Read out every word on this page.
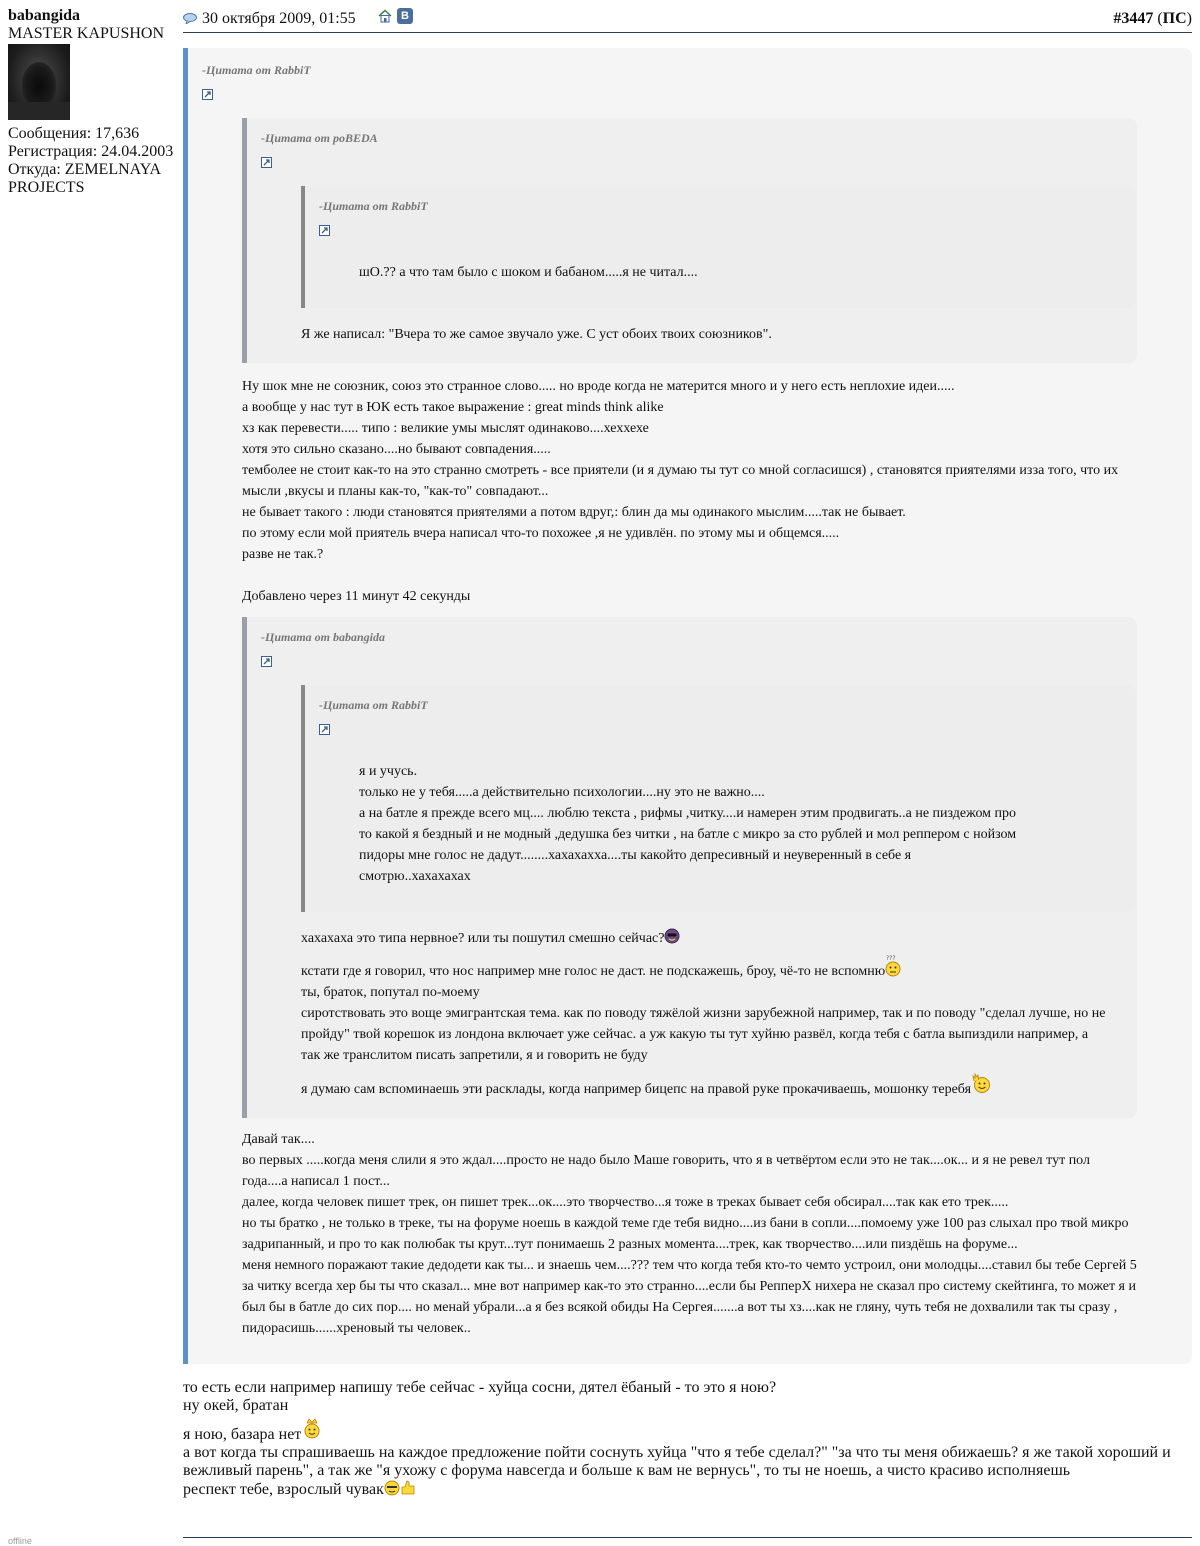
babangida
MASTER KAPUSHON
Сообщения: 17,636
Регистрация: 24.04.2003
Откуда: ZEMELNAYA PROJECTS
offline
30 октября 2009, 01:55	В	#3447 (ПС)
-Цитата от RabbiT
-Цитата от poBEDA
-Цитата от RabbiT
шО.?? а что там было с шоком и бабаном.....я не читал....
Я же написал: "Вчера то же самое звучало уже. С уст обоих твоих союзников".

Ну шок мне не союзник, союз это странное слово..... но вроде когда не матерится много и у него есть неплохие идеи.....

а вообще у нас тут в ЮК есть такое выражение : great minds think alike

хз как перевести..... типо : великие умы мыслят одинаково....хеххехе

хотя это сильно сказано....но бывают совпадения.....

темболее не стоит как-то на это странно смотреть - все приятели (и я думаю ты тут со мной согласишся) , становятся приятелями изза того, что их мысли ,вкусы и планы как-то, "как-то" совпадают...

не бывает такого : люди становятся приятелями а потом вдруг,: блин да мы одинакого мыслим.....так не бывает.

по этому если мой приятель вчера написал что-то похожее ,я не удивлён. по этому мы и общемся.....

разве не так.?

Добавлено через 11 минут 42 секунды

-Цитата от babangida
-Цитата от RabbiT

я и учусь.

только не у тебя.....а действительно психологии....ну это не важно....

а на батле я прежде всего мц.... люблю текста , рифмы ,читку....и намерен этим продвигать..а не пиздежом про то какой я бездный и не модный ,дедушка без читки , на батле с микро за сто рублей и мол реппером с нойзом пидоры мне голос не дадут........хахахахха....ты какойто депресивный и неуверенный в себе я смотрю..хахахахах

хахахаха это типа нервное? или ты пошутил смешно сейчас?

кстати где я говорил, что нос например мне голос не даст. не подскажешь, броу, чё-то не вспомню
???

ты, браток, попутал по-моему

сиротствовать это воще эмигрантская тема. как по поводу тяжёлой жизни зарубежной например, так и по поводу "сделал лучше, но не пройду" твой корешок из лондона включает уже сейчас. а уж какую ты тут хуйню развёл, когда тебя с батла выпиздили например, а так же транслитом писать запретили, я и говорить не буду

я думаю сам вспоминаешь эти расклады, когда например бицепс на правой руке прокачиваешь, мошонку теребя

Давай так....

во первых .....когда меня слили я это ждал....просто не надо было Маше говорить, что я в четвёртом если это не так....ок... и я не ревел тут пол года....а написал 1 пост...

далее, когда человек пишет трек, он пишет трек...ок....это творчество...я тоже в треках бывает себя обсирал....так как ето трек.....

но ты братко , не только в треке, ты на форуме ноешь в каждой теме где тебя видно....из бани в сопли....помоему уже 100 раз слыхал про твой микро задрипанный, и про то как полюбак ты крут...тут понимаешь 2 разных момента....трек, как творчество....или пиздёшь на форуме...

меня немного поражают такие дедодети как ты... и знаешь чем....??? тем что когда тебя кто-то чемто устроил, они молодцы....ставил бы тебе Сергей 5 за читку всегда хер бы ты что сказал... мне вот например как-то это странно....если бы РепперХ нихера не сказал про систему скейтинга, то может я и был бы в батле до сих пор.... но менай убрали...а я без всякой обиды На Сергея.......а вот ты хз....как не гляну, чуть тебя не дохвалили так ты сразу , пидорасишь......хреновый ты человек..

то есть если например напишу тебе сейчас - хуйца сосни, дятел ёбаный - то это я ною?

ну окей, братан

я ною, базара нет

а вот когда ты спрашиваешь на каждое предложение пойти соснуть хуйца "что я тебе сделал?" "за что ты меня обижаешь? я же такой хороший и вежливый парень", а так же "я ухожу с форума навсегда и больше к вам не вернусь", то ты не ноешь, а чисто красиво исполняешь

респект тебе, взрослый чувак
